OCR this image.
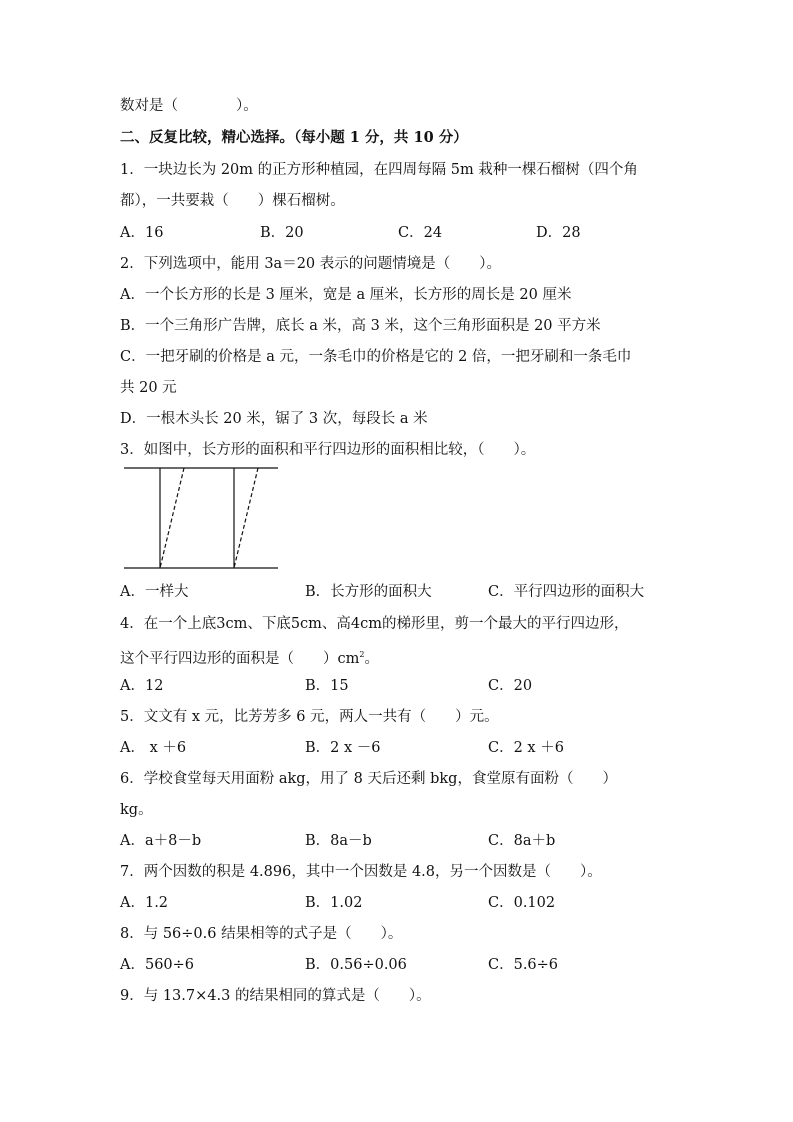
数对是（　　　　）。
二、反复比较，精心选择。（每小题 1 分，共 10 分）
1．一块边长为 20m 的正方形种植园，在四周每隔 5m 栽种一棵石榴树（四个角
都），一共要栽（　　）棵石榴树。
A．16	B．20	C．24	D．28
2．下列选项中，能用 3a＝20 表示的问题情境是（　　）。
A．一个长方形的长是 3 厘米，宽是 a 厘米，长方形的周长是 20 厘米
B．一个三角形广告牌，底长 a 米，高 3 米，这个三角形面积是 20 平方米
C．一把牙刷的价格是 a 元，一条毛巾的价格是它的 2 倍，一把牙刷和一条毛巾
共 20 元
D．一根木头长 20 米，锯了 3 次，每段长 a 米
3．如图中，长方形的面积和平行四边形的面积相比较，（　　）。
A．一样大	B．长方形的面积大	C．平行四边形的面积大
4．在一个上底3cm、下底5cm、高4cm的梯形里，剪一个最大的平行四边形，
这个平行四边形的面积是（　　）$cm^2$。
A．12	B．15	C．20
5．文文有 x 元，比芳芳多 6 元，两人一共有（　　）元。
A． x ＋6	B．2 x －6	C．2 x ＋6
6．学校食堂每天用面粉 akg，用了 8 天后还剩 bkg，食堂原有面粉（　　）
kg。
A．a＋8－b	B．8a－b	C．8a＋b
7．两个因数的积是 4.896，其中一个因数是 4.8，另一个因数是（　　）。
A．1.2	B．1.02	C．0.102
8．与 56÷0.6 结果相等的式子是（　　）。
A．560÷6	B．0.56÷0.06	C．5.6÷6
9．与 13.7×4.3 的结果相同的算式是（　　）。
